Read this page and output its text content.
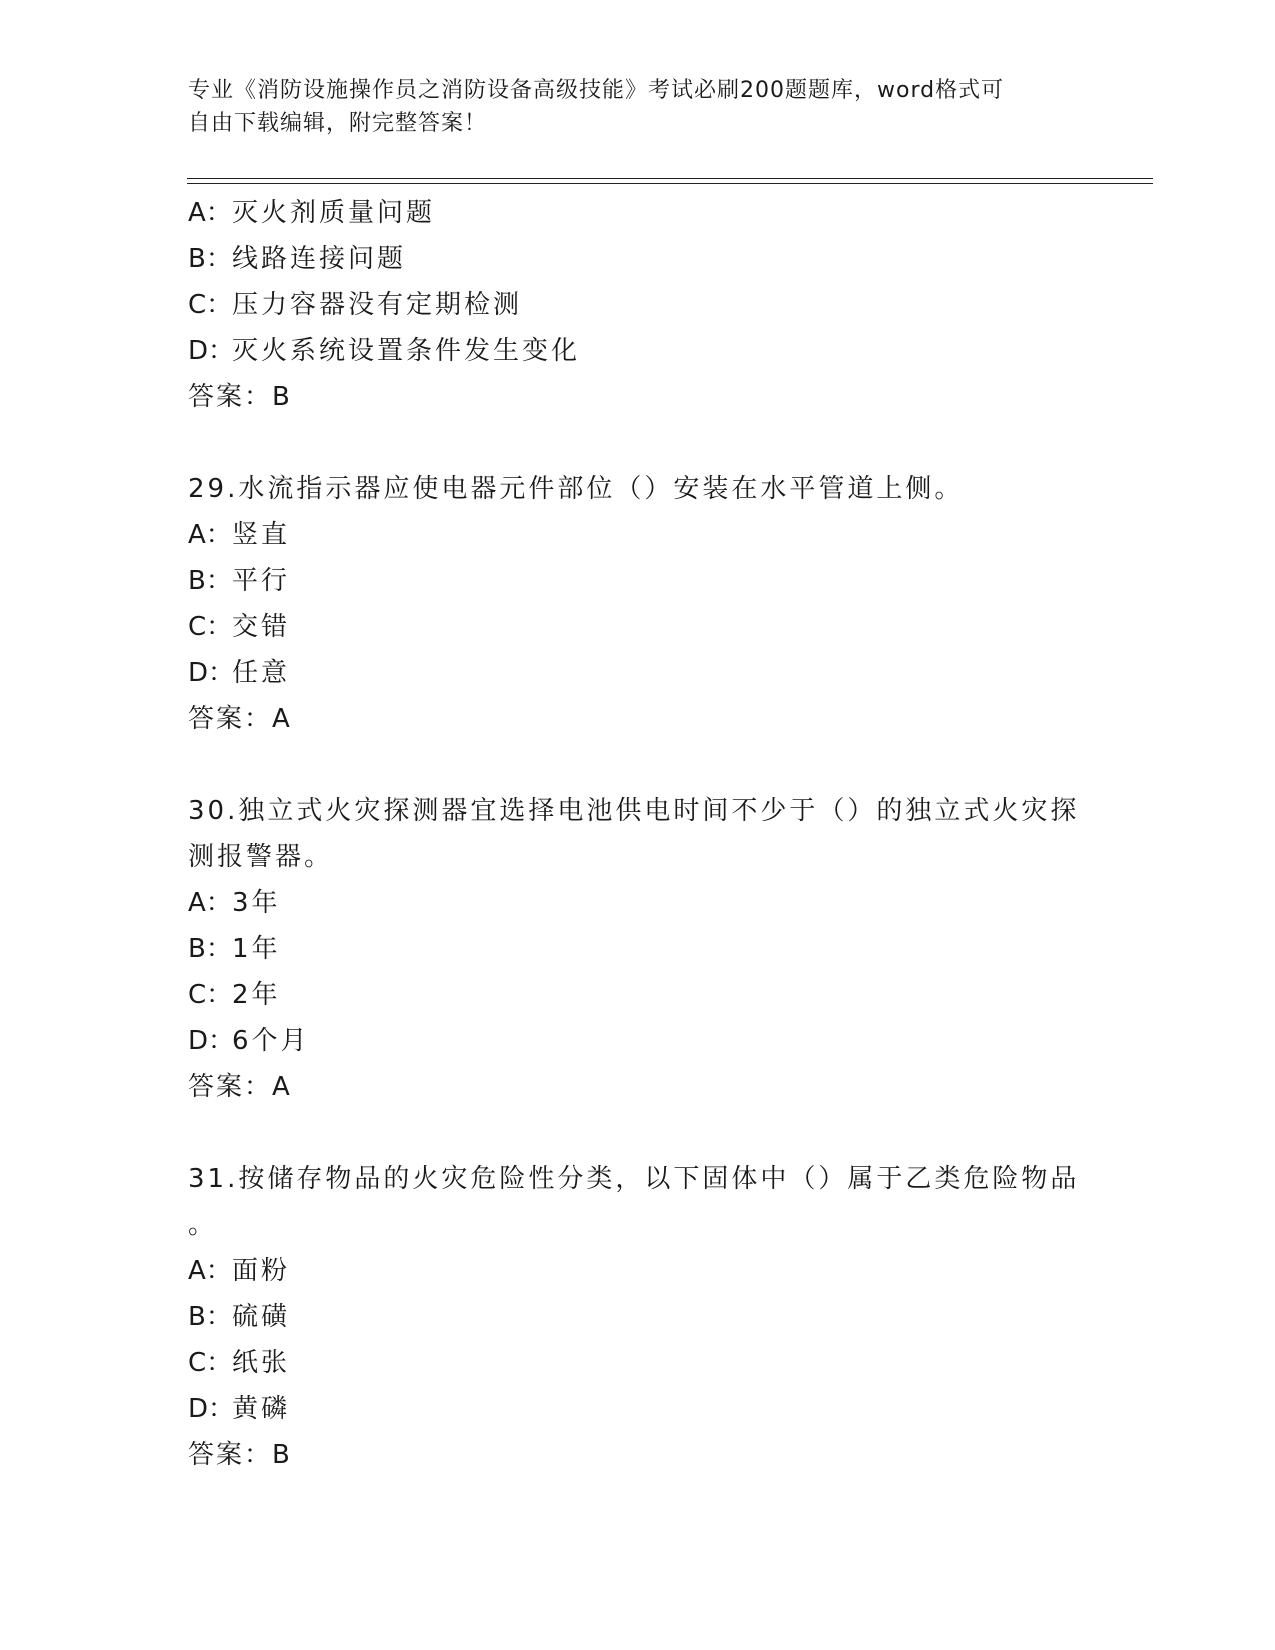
专业《消防设施操作员之消防设备高级技能》考试必刷200题题库，word格式可
自由下载编辑，附完整答案！
A：灭火剂质量问题
B：线路连接问题
C：压力容器没有定期检测
D：灭火系统设置条件发生变化
答案：B
29.水流指示器应使电器元件部位（）安装在水平管道上侧。
A：竖直
B：平行
C：交错
D：任意
答案：A
30.独立式火灾探测器宜选择电池供电时间不少于（）的独立式火灾探
测报警器。
A：3年
B：1年
C：2年
D：6个月
答案：A
31.按储存物品的火灾危险性分类，以下固体中（）属于乙类危险物品
。
A：面粉
B：硫磺
C：纸张
D：黄磷
答案：B
